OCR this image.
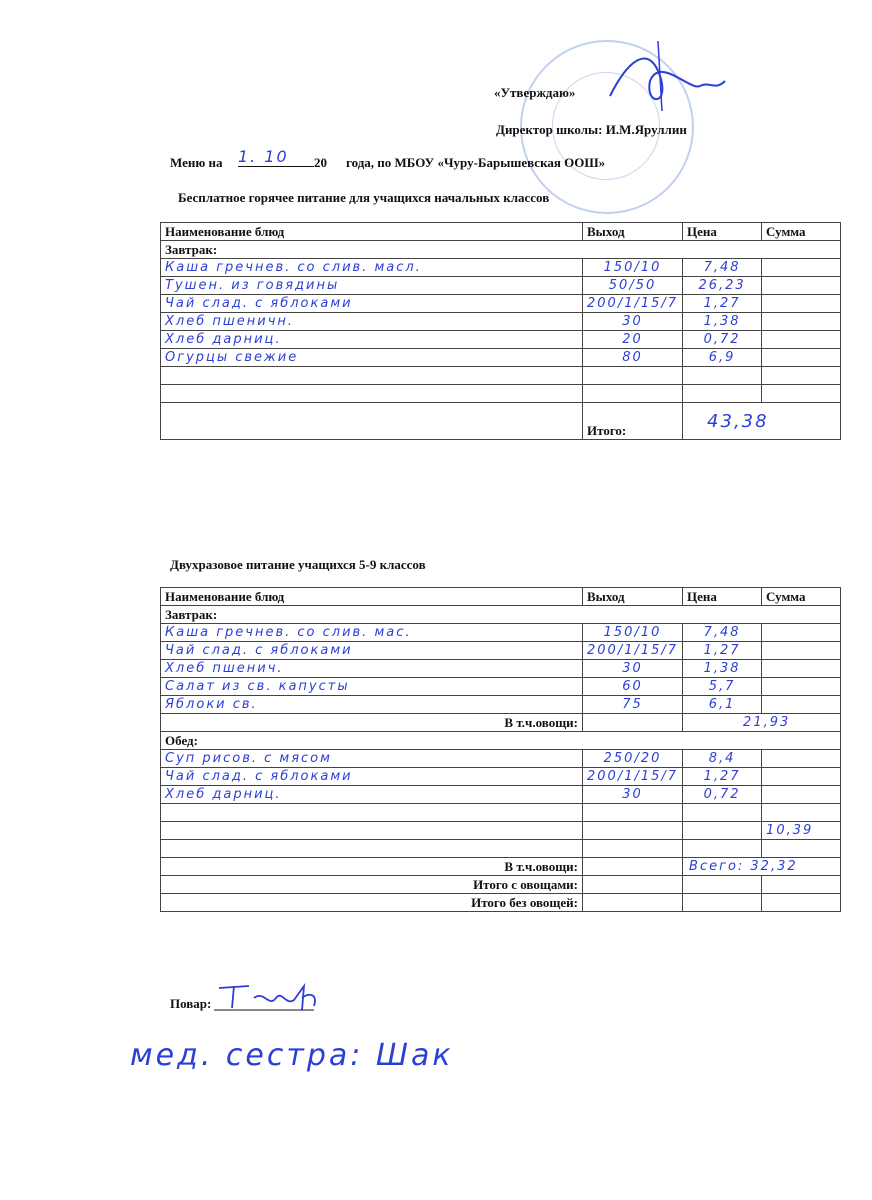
«Утверждаю»
Директор школы: И.М.Яруллин
Меню на 1. 10	20 года, по МБОУ «Чуру-Барышевская ООШ»
Бесплатное горячее питание для учащихся начальных классов
Наименование блюд	Выход	Цена	Сумма
Завтрак:			
Каша гречнев. со слив. масл.	150/10	7,48	
Тушен. из говядины	50/50	26,23	
Чай слад. с яблоками	200/1/15/7	1,27	
Хлеб пшеничн.	30	1,38	
Хлеб дарниц.	20	0,72	
Огурцы свежие	80	6,9	

	Итого:	43,38	
Двухразовое питание учащихся 5-9 классов
Наименование блюд	Выход	Цена	Сумма
Завтрак:			
Каша гречнев. со слив. мас.	150/10	7,48	
Чай слад. с яблоками	200/1/15/7	1,27	
Хлеб пшенич.	30	1,38	
Салат из св. капусты	60	5,7	
Яблоки св.	75	6,1	
В т.ч.овощи:		21,93	
Обед:			
Суп рисов. с мясом	250/20	8,4	
Чай слад. с яблоками	200/1/15/7	1,27	
Хлеб дарниц.	30	0,72	

			10,39

В т.ч.овощи:		Всего: 32,32	
Итого с овощами:			
Итого без овощей:			
Повар:
мед. сестра: Шак
